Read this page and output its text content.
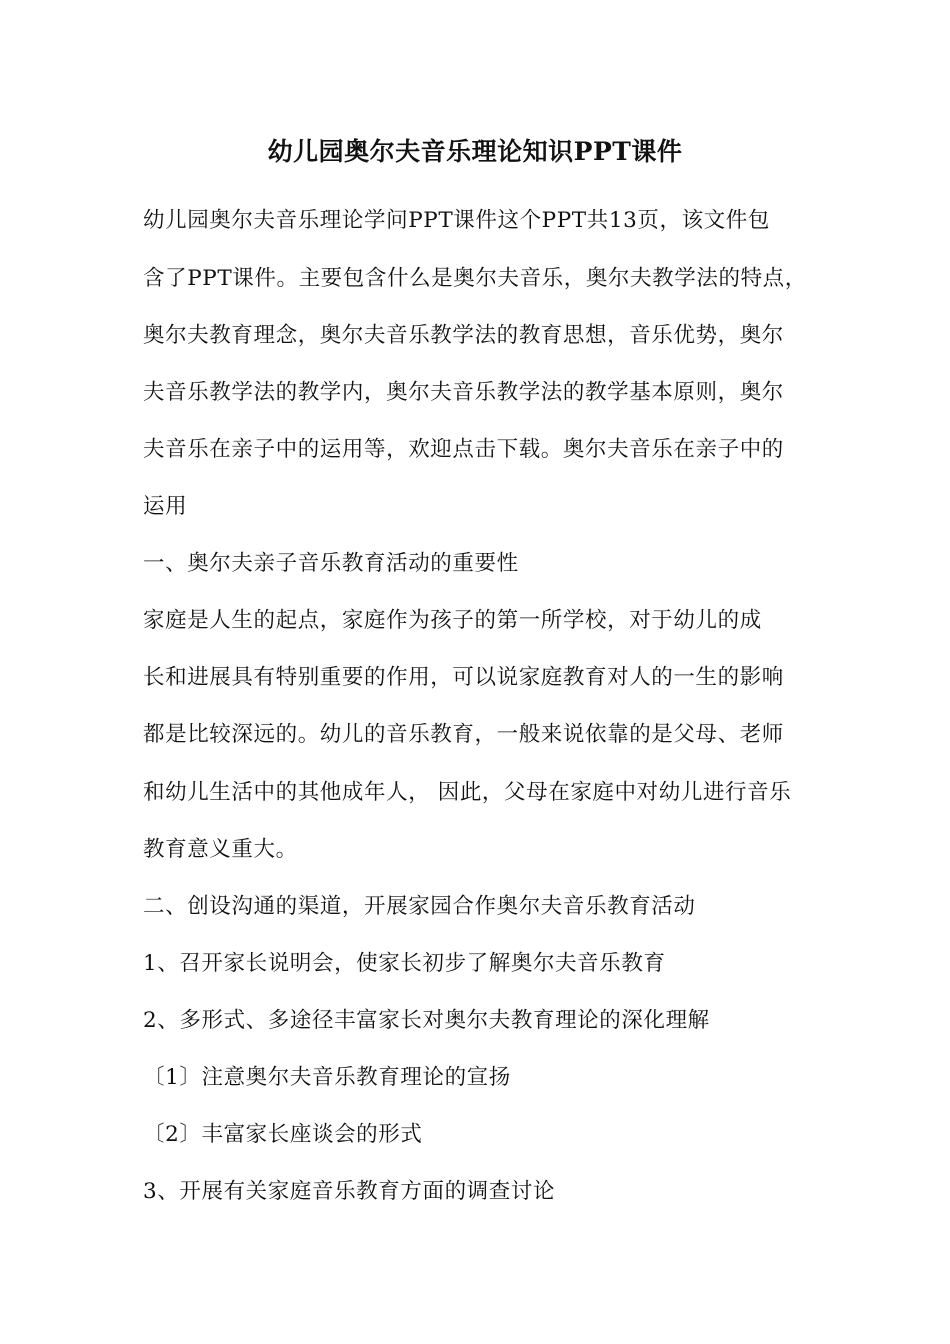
幼儿园奥尔夫音乐理论知识PPT课件
幼儿园奥尔夫音乐理论学问PPT课件这个PPT共13页，该文件包
含了PPT课件。主要包含什么是奥尔夫音乐，奥尔夫教学法的特点，
奥尔夫教育理念，奥尔夫音乐教学法的教育思想，音乐优势，奥尔
夫音乐教学法的教学内，奥尔夫音乐教学法的教学基本原则，奥尔
夫音乐在亲子中的运用等，欢迎点击下载。奥尔夫音乐在亲子中的
运用
一、奥尔夫亲子音乐教育活动的重要性
家庭是人生的起点，家庭作为孩子的第一所学校，对于幼儿的成
长和进展具有特别重要的作用，可以说家庭教育对人的一生的影响
都是比较深远的。幼儿的音乐教育，一般来说依靠的是父母、老师
和幼儿生活中的其他成年人， 因此，父母在家庭中对幼儿进行音乐
教育意义重大。
二、创设沟通的渠道，开展家园合作奥尔夫音乐教育活动
1、召开家长说明会，使家长初步了解奥尔夫音乐教育
2、多形式、多途径丰富家长对奥尔夫教育理论的深化理解
〔1〕注意奥尔夫音乐教育理论的宣扬
〔2〕丰富家长座谈会的形式
3、开展有关家庭音乐教育方面的调查讨论
